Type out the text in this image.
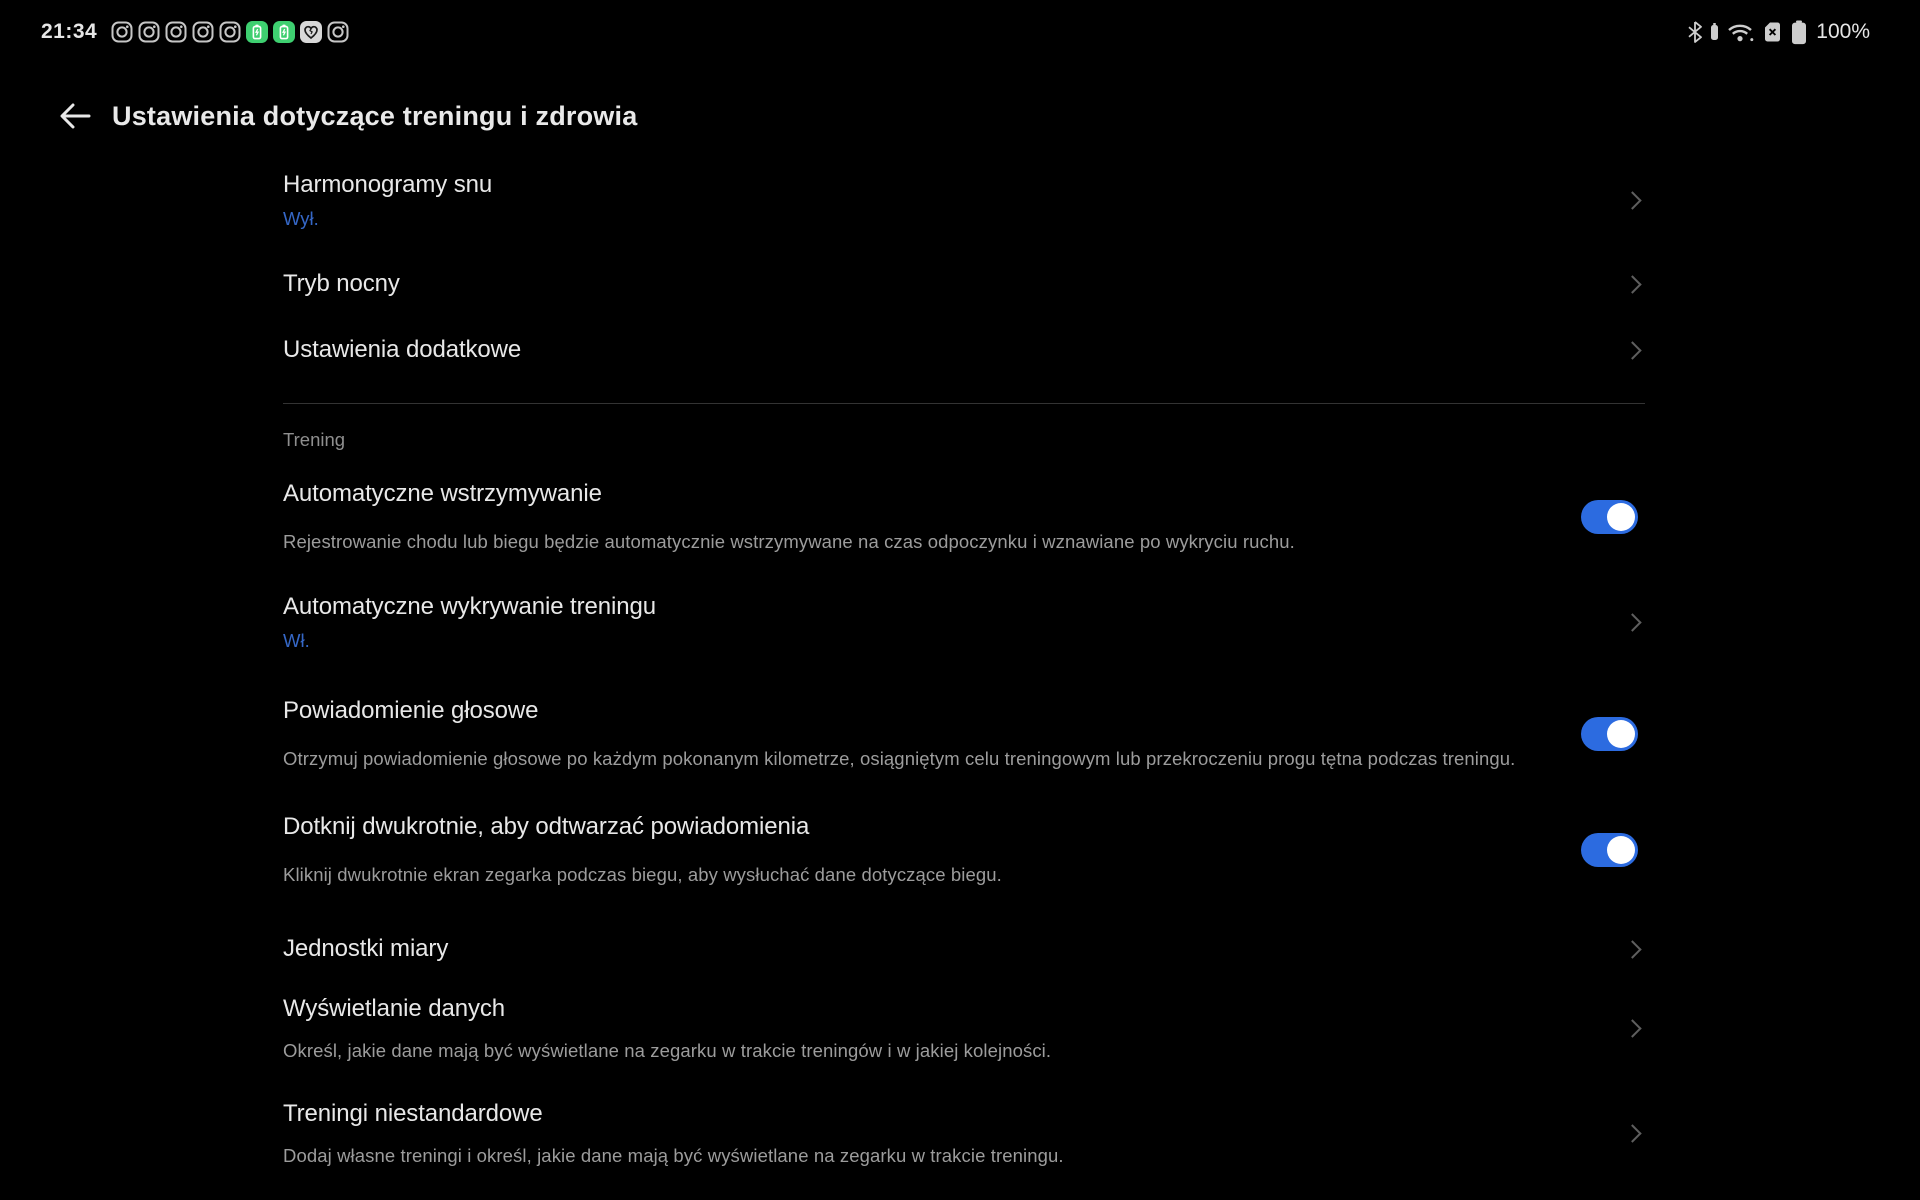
21:34	100%
Ustawienia dotyczące treningu i zdrowia
Harmonogramy snu
Wył.
Tryb nocny
Ustawienia dodatkowe
Trening
Automatyczne wstrzymywanie
Rejestrowanie chodu lub biegu będzie automatycznie wstrzymywane na czas odpoczynku i wznawiane po wykryciu ruchu.
Automatyczne wykrywanie treningu
Wł.
Powiadomienie głosowe
Otrzymuj powiadomienie głosowe po każdym pokonanym kilometrze, osiągniętym celu treningowym lub przekroczeniu progu tętna podczas treningu.
Dotknij dwukrotnie, aby odtwarzać powiadomienia
Kliknij dwukrotnie ekran zegarka podczas biegu, aby wysłuchać dane dotyczące biegu.
Jednostki miary
Wyświetlanie danych
Określ, jakie dane mają być wyświetlane na zegarku w trakcie treningów i w jakiej kolejności.
Treningi niestandardowe
Dodaj własne treningi i określ, jakie dane mają być wyświetlane na zegarku w trakcie treningu.
